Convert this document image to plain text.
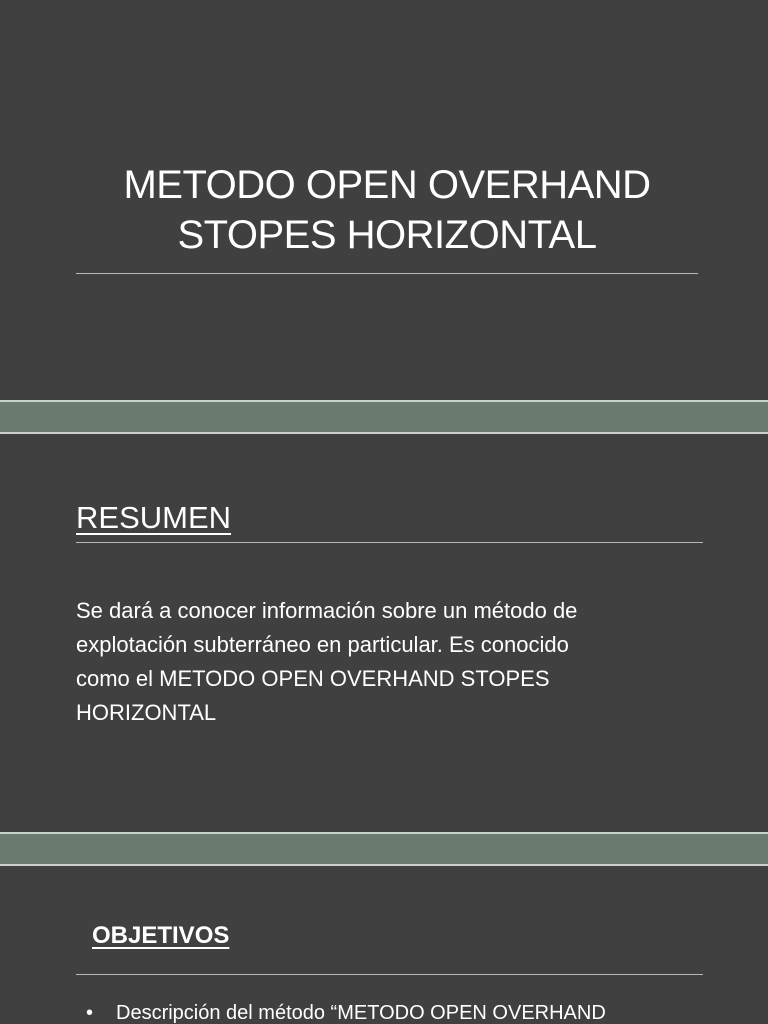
METODO OPEN OVERHAND
STOPES HORIZONTAL
RESUMEN

Se dará a conocer información sobre un método de
explotación subterráneo en particular. Es conocido
como el METODO OPEN OVERHAND STOPES
HORIZONTAL

OBJETIVOS
• Descripción del método “METODO OPEN OVERHAND
